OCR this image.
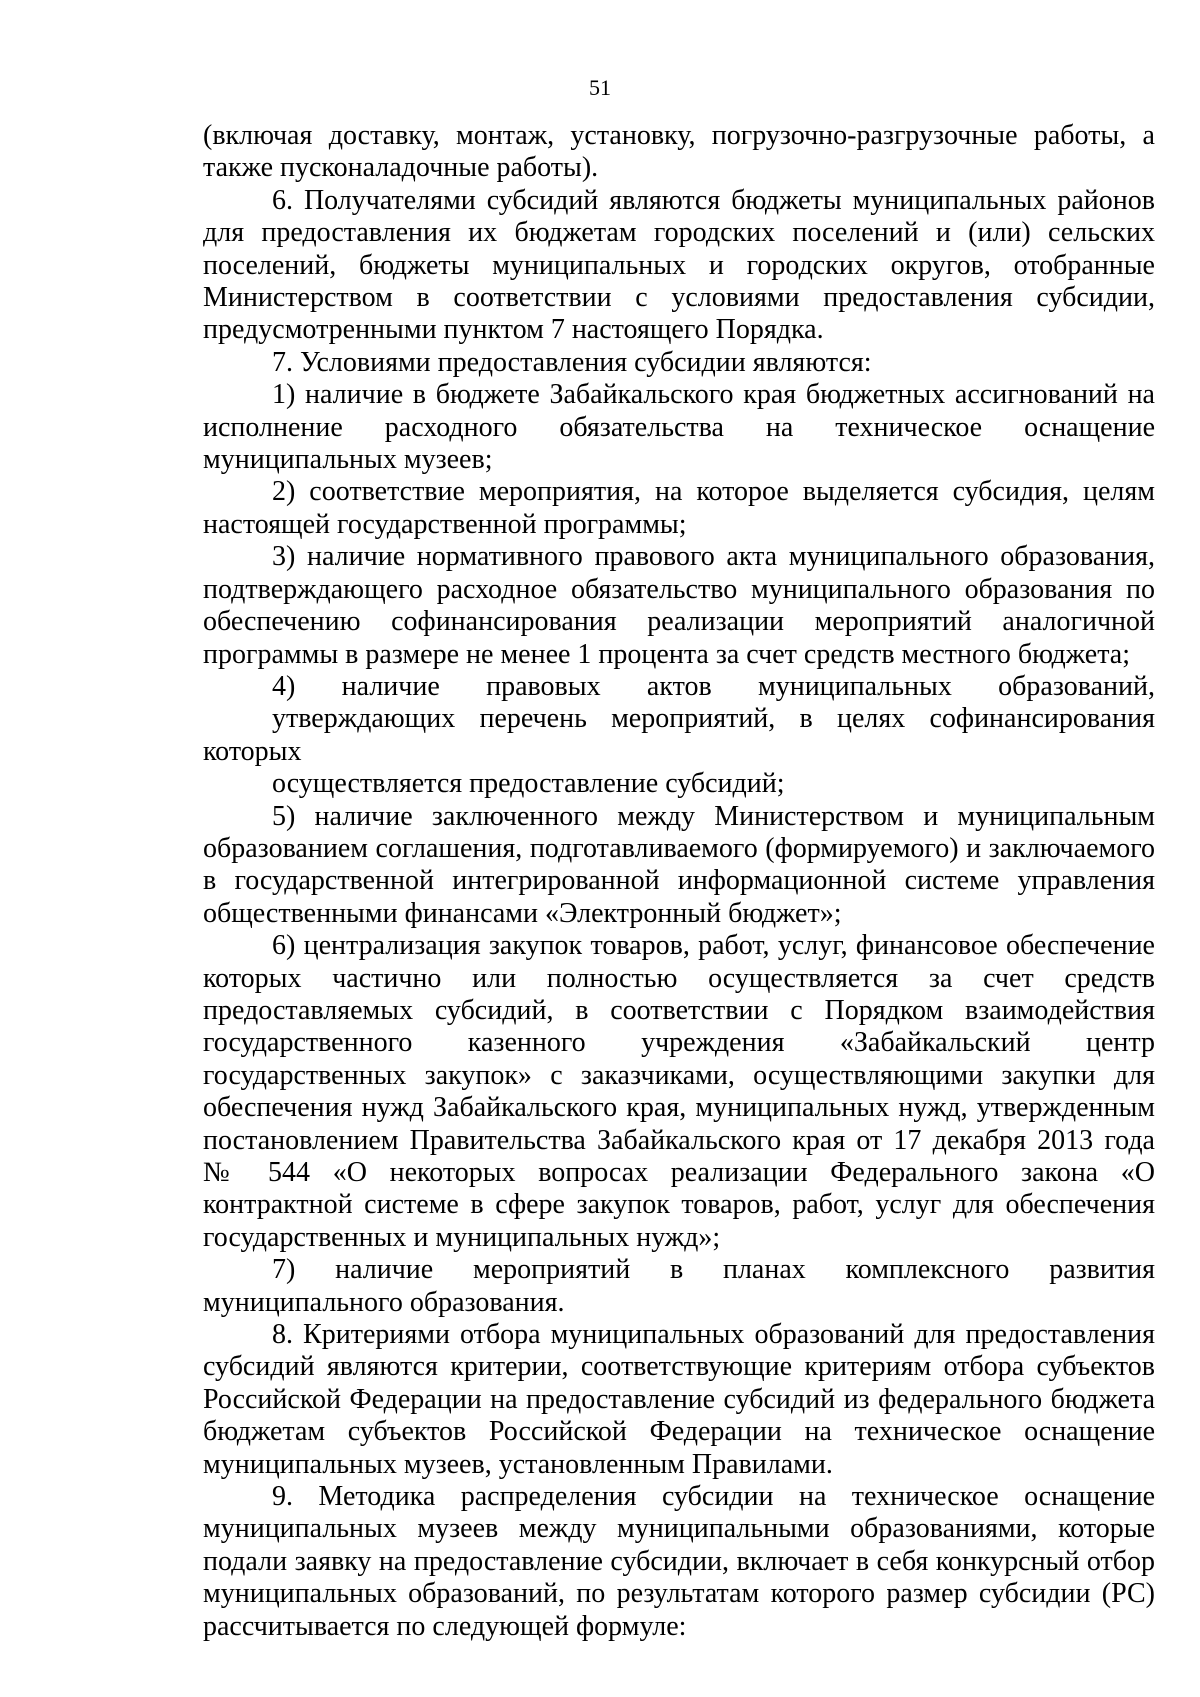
51

(включая доставку, монтаж, установку, погрузочно-разгрузочные работы, а также пусконаладочные работы).

6. Получателями субсидий являются бюджеты муниципальных районов для предоставления их бюджетам городских поселений и (или) сельских поселений, бюджеты муниципальных и городских округов, отобранные Министерством в соответствии с условиями предоставления субсидии, предусмотренными пунктом 7 настоящего Порядка.

7. Условиями предоставления субсидии являются:

1) наличие в бюджете Забайкальского края бюджетных ассигнований на исполнение расходного обязательства на техническое оснащение муниципальных музеев;

2) соответствие мероприятия, на которое выделяется субсидия, целям настоящей государственной программы;

3) наличие нормативного правового акта муниципального образования, подтверждающего расходное обязательство муниципального образования по обеспечению софинансирования реализации мероприятий аналогичной программы в размере не менее 1 процента за счет средств местного бюджета;

4) наличие правовых актов муниципальных образований,
утверждающих перечень мероприятий, в целях софинансирования которых
осуществляется предоставление субсидий;

5) наличие заключенного между Министерством и муниципальным образованием соглашения, подготавливаемого (формируемого) и заключаемого в государственной интегрированной информационной системе управления общественными финансами «Электронный бюджет»;

6) централизация закупок товаров, работ, услуг, финансовое обеспечение которых частично или полностью осуществляется за счет средств предоставляемых субсидий, в соответствии с Порядком взаимодействия государственного казенного учреждения «Забайкальский центр государственных закупок» с заказчиками, осуществляющими закупки для обеспечения нужд Забайкальского края, муниципальных нужд, утвержденным постановлением Правительства Забайкальского края от 17 декабря 2013 года № 544 «О некоторых вопросах реализации Федерального закона «О контрактной системе в сфере закупок товаров, работ, услуг для обеспечения государственных и муниципальных нужд»;

7) наличие мероприятий в планах комплексного развития муниципального образования.

8. Критериями отбора муниципальных образований для предоставления субсидий являются критерии, соответствующие критериям отбора субъектов Российской Федерации на предоставление субсидий из федерального бюджета бюджетам субъектов Российской Федерации на техническое оснащение муниципальных музеев, установленным Правилами.

9. Методика распределения субсидии на техническое оснащение муниципальных музеев между муниципальными образованиями, которые подали заявку на предоставление субсидии, включает в себя конкурсный отбор муниципальных образований, по результатам которого размер субсидии (РС) рассчитывается по следующей формуле:
